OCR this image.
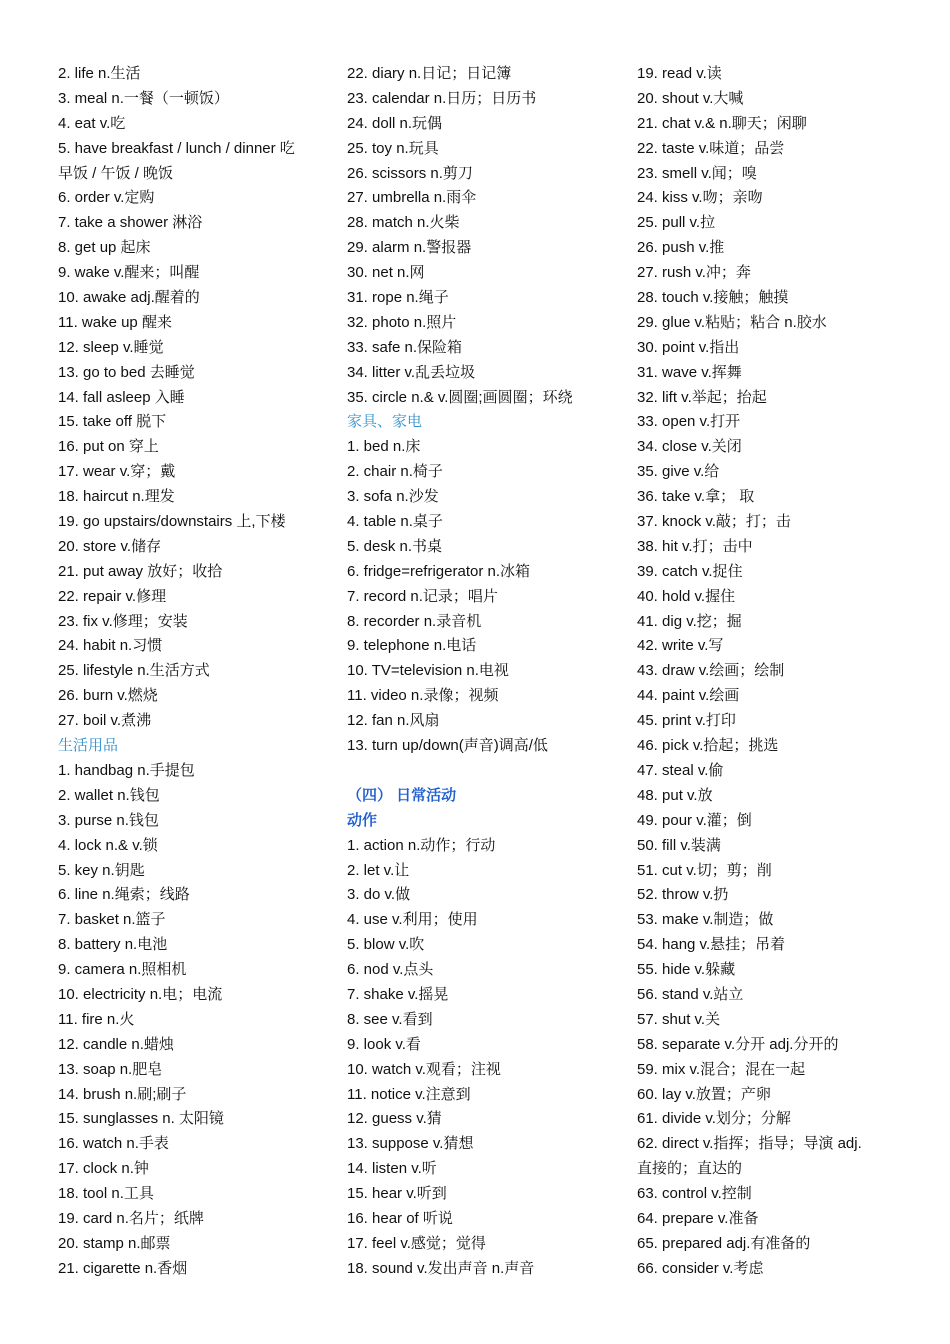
2. life n.生活
3. meal n.一餐（一顿饭）
4. eat v.吃
5. have breakfast / lunch / dinner 吃
早饭 / 午饭 / 晚饭
6. order v.定购
7. take a shower 淋浴
8. get up 起床
9. wake v.醒来；叫醒
10. awake adj.醒着的
11. wake up 醒来
12. sleep v.睡觉
13. go to bed 去睡觉
14. fall asleep 入睡
15. take off 脱下
16. put on 穿上
17. wear v.穿；戴
18. haircut n.理发
19. go upstairs/downstairs 上,下楼
20. store v.储存
21. put away 放好；收拾
22. repair v.修理
23. fix v.修理；安装
24. habit n.习惯
25. lifestyle n.生活方式
26. burn v.燃烧
27. boil v.煮沸
生活用品
1. handbag n.手提包
2. wallet n.钱包
3. purse n.钱包
4. lock n.& v.锁
5. key n.钥匙
6. line n.绳索；线路
7. basket n.篮子
8. battery n.电池
9. camera n.照相机
10. electricity n.电；电流
11. fire n.火
12. candle n.蜡烛
13. soap n.肥皂
14. brush n.刷;刷子
15. sunglasses n. 太阳镜
16. watch n.手表
17. clock n.钟
18. tool n.工具
19. card n.名片；纸牌
20. stamp n.邮票
21. cigarette n.香烟
22. diary n.日记；日记簿
23. calendar n.日历；日历书
24. doll n.玩偶
25. toy n.玩具
26. scissors n.剪刀
27. umbrella n.雨伞
28. match n.火柴
29. alarm n.警报器
30. net n.网
31. rope n.绳子
32. photo n.照片
33. safe n.保险箱
34. litter v.乱丢垃圾
35. circle n.& v.圆圈;画圆圈；环绕
家具、家电
1. bed n.床
2. chair n.椅子
3. sofa n.沙发
4. table n.桌子
5. desk n.书桌
6. fridge=refrigerator n.冰箱
7. record n.记录；唱片
8. recorder n.录音机
9. telephone n.电话
10. TV=television n.电视
11. video n.录像；视频
12. fan n.风扇
13. turn up/down(声音)调高/低
（四） 日常活动
动作
1. action n.动作；行动
2. let v.让
3. do v.做
4. use v.利用；使用
5. blow v.吹
6. nod v.点头
7. shake v.摇晃
8. see v.看到
9. look v.看
10. watch v.观看；注视
11. notice v.注意到
12. guess v.猜
13. suppose v.猜想
14. listen v.听
15. hear v.听到
16. hear of 听说
17. feel v.感觉；觉得
18. sound v.发出声音 n.声音
19. read v.读
20. shout v.大喊
21. chat v.& n.聊天；闲聊
22. taste v.味道；品尝
23. smell v.闻；嗅
24. kiss v.吻；亲吻
25. pull v.拉
26. push v.推
27. rush v.冲；奔
28. touch v.接触；触摸
29. glue v.粘贴；粘合 n.胶水
30. point v.指出
31. wave v.挥舞
32. lift v.举起；抬起
33. open v.打开
34. close v.关闭
35. give v.给
36. take v.拿； 取
37. knock v.敲；打；击
38. hit v.打；击中
39. catch v.捉住
40. hold v.握住
41. dig v.挖；掘
42. write v.写
43. draw v.绘画；绘制
44. paint v.绘画
45. print v.打印
46. pick v.拾起；挑选
47. steal v.偷
48. put v.放
49. pour v.灌；倒
50. fill v.装满
51. cut v.切；剪；削
52. throw v.扔
53. make v.制造；做
54. hang v.悬挂；吊着
55. hide v.躲藏
56. stand v.站立
57. shut v.关
58. separate v.分开 adj.分开的
59. mix v.混合；混在一起
60. lay v.放置；产卵
61. divide v.划分；分解
62. direct v.指挥；指导；导演 adj.
直接的；直达的
63. control v.控制
64. prepare v.准备
65. prepared adj.有准备的
66. consider v.考虑
